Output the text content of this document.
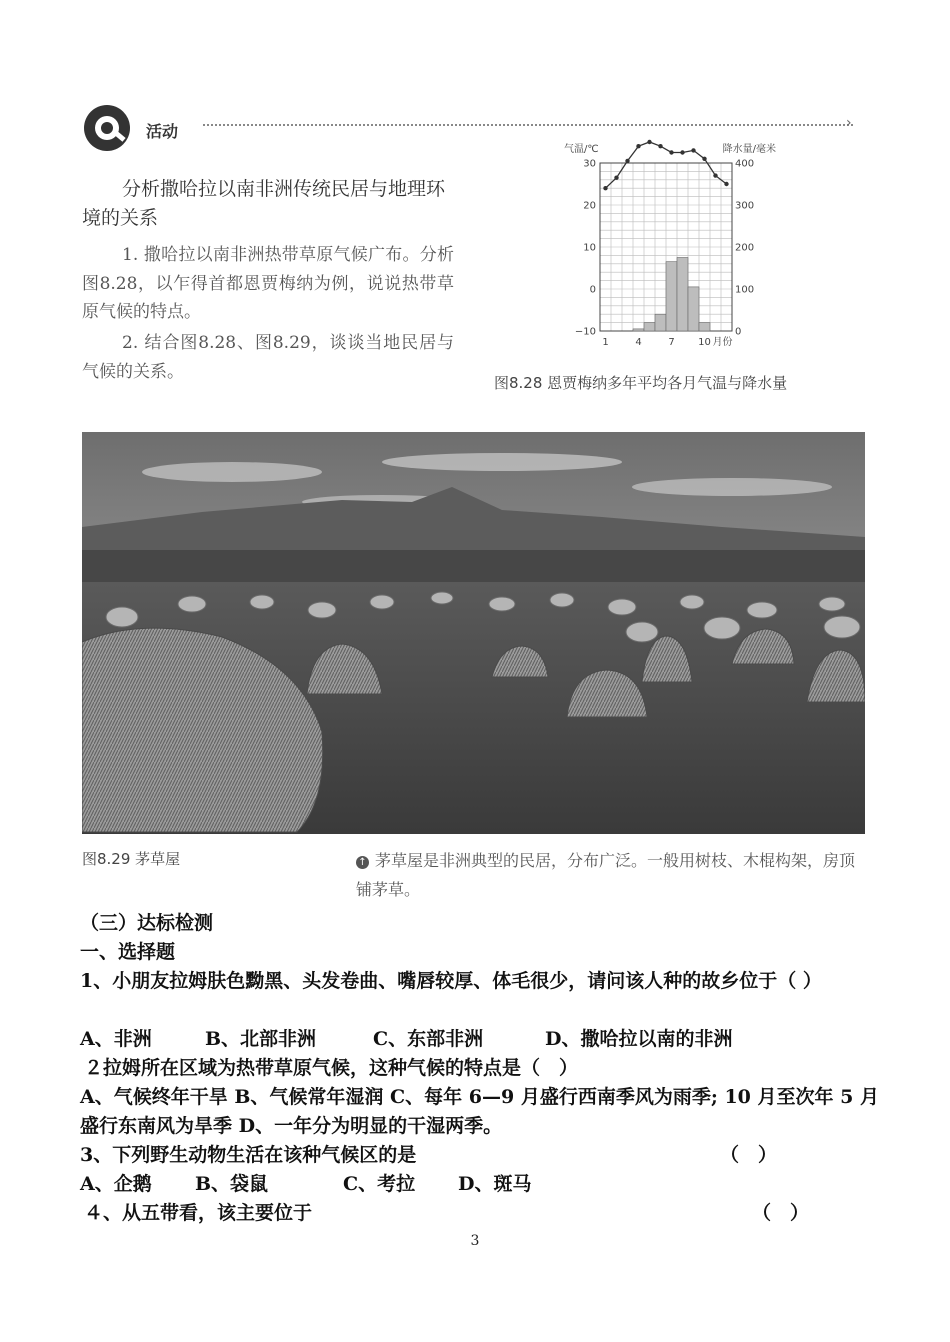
活动	›
分析撒哈拉以南非洲传统民居与地理环境的关系
1. 撒哈拉以南非洲热带草原气候广布。分析图8.28，以乍得首都恩贾梅纳为例，说说热带草原气候的特点。
2. 结合图8.28、图8.29，谈谈当地民居与气候的关系。
30
20
10
0
−10
400
300
200
100
0
1	4	7 10 月份
气温/℃	降水量/毫米
图8.28 恩贾梅纳多年平均各月气温与降水量
图8.29 茅草屋	↑ 茅草屋是非洲典型的民居，分布广泛。一般用树枝、木棍构架，房顶铺茅草。
（三）达标检测
一、选择题
1、小朋友拉姆肤色黝黑、头发卷曲、嘴唇较厚、体毛很少，请问该人种的故乡位于（ ）
A、非洲	B、北部非洲	C、东部非洲	D、撒哈拉以南的非洲
２拉姆所在区域为热带草原气候，这种气候的特点是（　）
A、气候终年干旱 B、气候常年湿润 C、每年 6—9 月盛行西南季风为雨季; 10 月至次年 5 月盛行东南风为旱季 D、一年分为明显的干湿两季。
3、下列野生动物生活在该种气候区的是	（　）
A、企鹅 B、袋鼠	C、考拉 D、斑马
４、从五带看，该主要位于	（　）
3
